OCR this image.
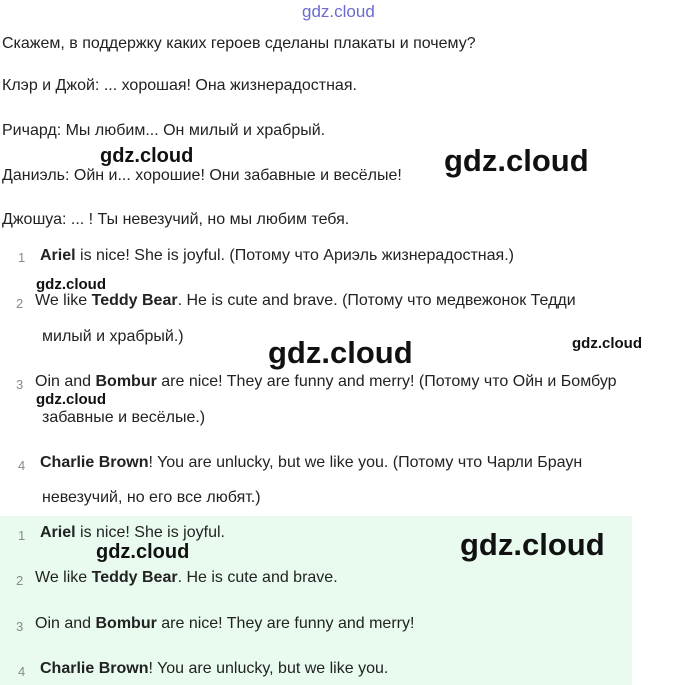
gdz.cloud
Скажем, в поддержку каких героев сделаны плакаты и почему?
Клэр и Джой: ... хорошая! Она жизнерадостная.
Ричард: Мы любим... Он милый и храбрый.
Даниэль: Ойн и... хорошие! Они забавные и весёлые!
Джошуа: ... ! Ты невезучий, но мы любим тебя.
1 Ariel is nice! She is joyful. (Потому что Ариэль жизнерадостная.)
2 We like Teddy Bear. He is cute and brave. (Потому что медвежонок Тедди
милый и храбрый.)
3 Oin and Bombur are nice! They are funny and merry! (Потому что Ойн и Бомбур
забавные и весёлые.)
4 Charlie Brown! You are unlucky, but we like you. (Потому что Чарли Браун
невезучий, но его все любят.)
1 Ariel is nice! She is joyful.
2 We like Teddy Bear. He is cute and brave.
3 Oin and Bombur are nice! They are funny and merry!
4 Charlie Brown! You are unlucky, but we like you.
gdz.cloud	gdz.cloud
gdz.cloud
gdz.cloud	gdz.cloud
gdz.cloud
gdz.cloud	gdz.cloud
